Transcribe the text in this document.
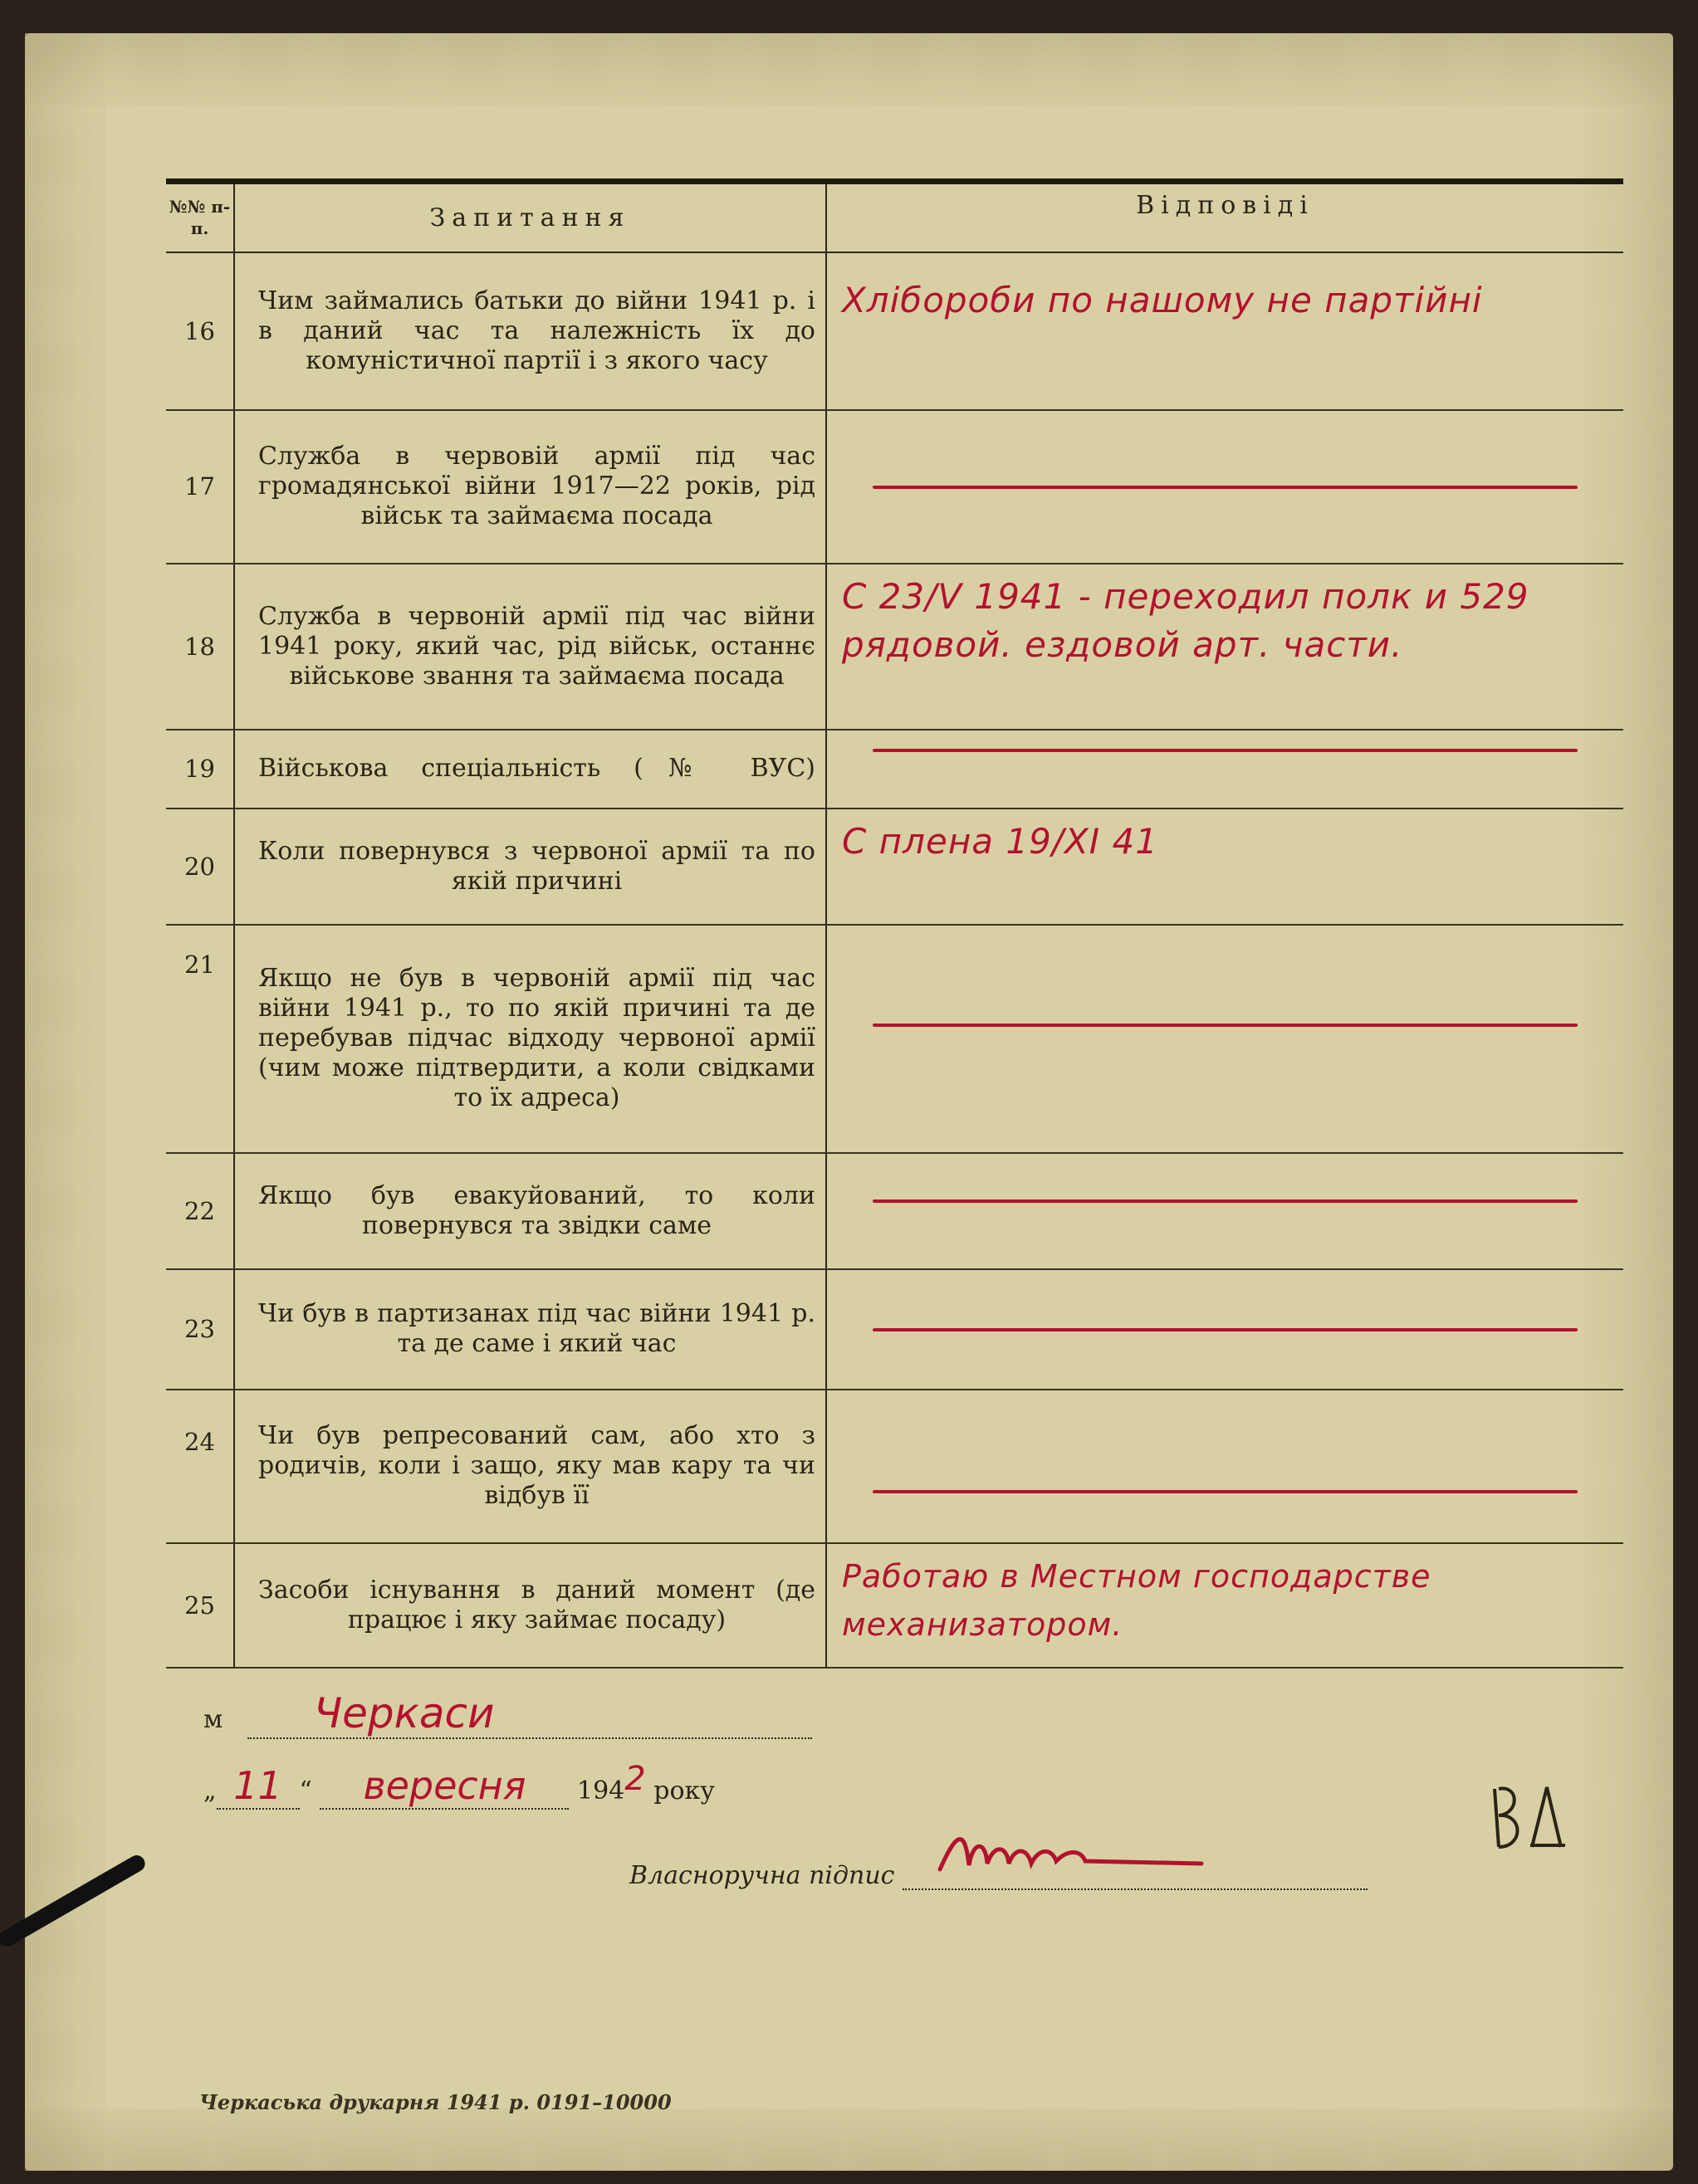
№№ п-п.	Запитання	Відповіді
16	Чим займались батьки до війни 1941 р. і в даний час та належність їх до комуністичної партії і з якого часу	Хлібороби по нашому не партійні

17	Служба в червовій армії під час громадянської війни 1917—22 років, рід військ та займаєма посада	

18	Служба в червоній армії під час війни 1941 року, який час, рід військ, останнє військове звання та займаєма посада	С 23/V 1941 - переходил полк и 529 рядовой. ездовой арт. части.

19	Військова спеціальність (№ ВУС)	

20	Коли повернувся з червоної армії та по якій причині	С плена 19/XI 41

21	Якщо не був в червоній армії під час війни 1941 р., то по якій причині та де перебував підчас відходу червоної армії (чим може підтвердити, а коли свідками то їх адреса)	

22	Якщо був евакуйований, то коли повернувся та звідки саме	

23	Чи був в партизанах під час війни 1941 р. та де саме і який час	

24	Чи був репресований сам, або хто з родичів, коли і защо, яку мав кару та чи відбув її	

25	Засоби існування в даний момент (де працює і яку займає посаду)	Работаю в Местном господарстве механизатором.
м Черкаси
„ 11 “ вересня 1942 року
Власноручна підпис
Черкаська друкарня 1941 р. 0191–10000
